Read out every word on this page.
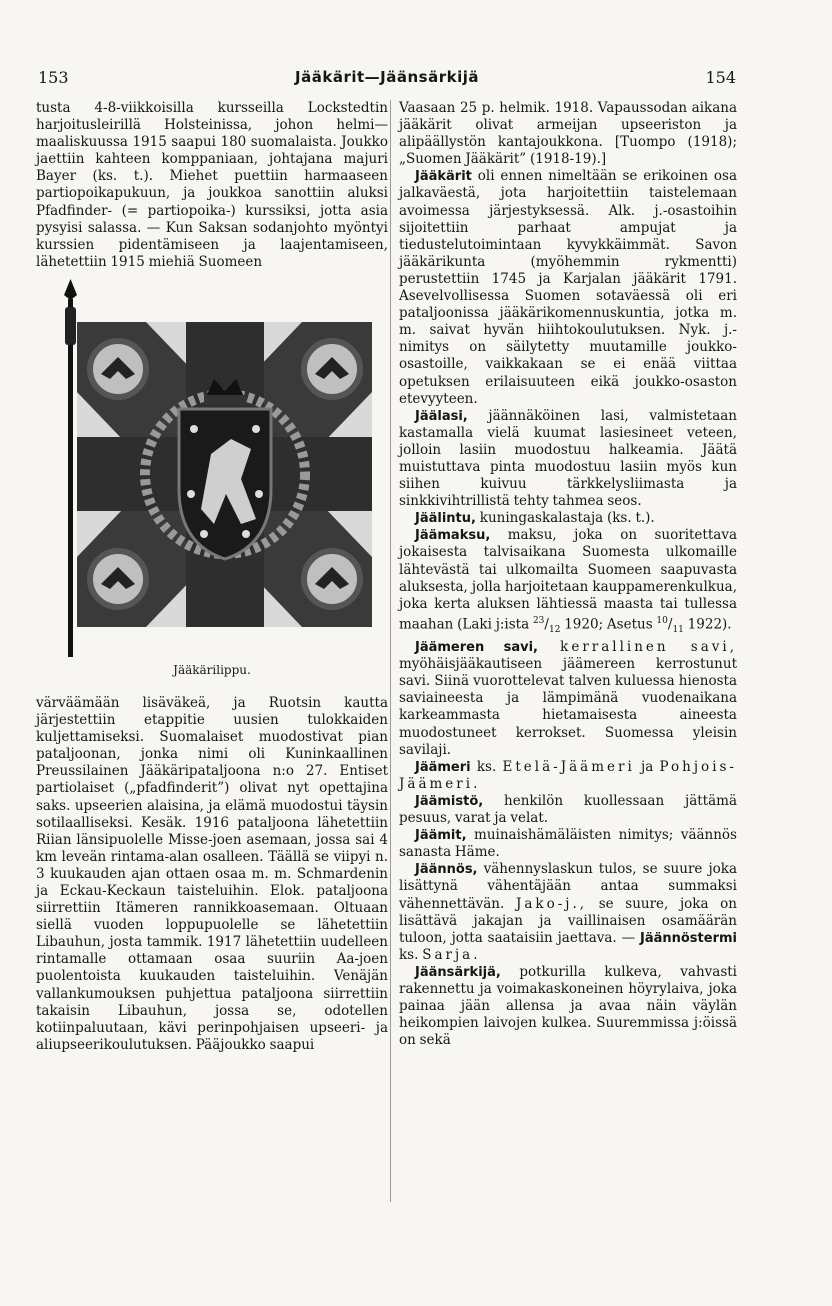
153	Jääkärit—Jäänsärkijä	154

tusta 4-8-viikkoisilla kursseilla Lockstedtin harjoitusleirillä Holsteinissa, johon helmi—maaliskuussa 1915 saapui 180 suomalaista. Joukko jaettiin kahteen komppaniaan, johtajana majuri Bayer (ks. t.). Miehet puettiin harmaaseen partiopoikapukuun, ja joukkoa sanottiin aluksi Pfadfinder- (= partiopoika-) kurssiksi, jotta asia pysyisi salassa. — Kun Saksan sodanjohto myöntyi kurssien pidentämiseen ja laajentamiseen, lähetettiin 1915 miehiä Suomeen

Jääkärilippu.

värväämään lisäväkeä, ja Ruotsin kautta järjestettiin etappitie uusien tulokkaiden kuljettamiseksi. Suomalaiset muodostivat pian pataljoonan, jonka nimi oli Kuninkaallinen Preussilainen Jääkäripataljoona n:o 27. Entiset partiolaiset („pfadfinderit”) olivat nyt opettajina saks. upseerien alaisina, ja elämä muodostui täysin sotilaalliseksi. Kesäk. 1916 pataljoona lähetettiin Riian länsipuolelle Misse-joen asemaan, jossa sai 4 km leveän rintama-alan osalleen. Täällä se viipyi n. 3 kuukauden ajan ottaen osaa m. m. Schmardenin ja Eckau-Keckaun taisteluihin. Elok. pataljoona siirrettiin Itämeren rannikkoasemaan. Oltuaan siellä vuoden loppupuolelle se lähetettiin Libauhun, josta tammik. 1917 lähetettiin uudelleen rintamalle ottamaan osaa suuriin Aa-joen puolentoista kuukauden taisteluihin. Venäjän vallankumouksen puhjettua pataljoona siirrettiin takaisin Libauhun, jossa se, odotellen kotiinpaluutaan, kävi perinpohjaisen upseeri- ja aliupseerikoulutuksen. Pääjoukko saapui

Vaasaan 25 p. helmik. 1918. Vapaussodan aikana jääkärit olivat armeijan upseeriston ja alipäällystön kantajoukkona. [Tuompo (1918); „Suomen Jääkärit” (1918-19).]

Jääkärit oli ennen nimeltään se erikoinen osa jalkaväestä, jota harjoitettiin taistelemaan avoimessa järjestyksessä. Alk. j.-osastoihin sijoitettiin parhaat ampujat ja tiedustelutoimintaan kyvykkäimmät. Savon jääkärikunta (myöhemmin rykmentti) perustettiin 1745 ja Karjalan jääkärit 1791. Asevelvollisessa Suomen sotaväessä oli eri pataljoonissa jääkärikomennuskuntia, jotka m. m. saivat hyvän hiihtokoulutuksen. Nyk. j.-nimitys on säilytetty muutamille joukko-osastoille, vaikkakaan se ei enää viittaa opetuksen erilaisuuteen eikä joukko-osaston etevyyteen.

Jäälasi, jäännäköinen lasi, valmistetaan kastamalla vielä kuumat lasiesineet veteen, jolloin lasiin muodostuu halkeamia. Jäätä muistuttava pinta muodostuu lasiin myös kun siihen kuivuu tärkkelysliimasta ja sinkkivihtrillistä tehty tahmea seos.

Jäälintu, kuningaskalastaja (ks. t.).

Jäämaksu, maksu, joka on suoritettava jokaisesta talvisaikana Suomesta ulkomaille lähtevästä tai ulkomailta Suomeen saapuvasta aluksesta, jolla harjoitetaan kauppamerenkulkua, joka kerta aluksen lähtiessä maasta tai tullessa maahan (Laki j:ista $^{23}/_{12}$ 1920; Asetus $^{10}/_{11}$ 1922).

Jäämeren savi, kerrallinen savi, myöhäisjääkautiseen jäämereen kerrostunut savi. Siinä vuorottelevat talven kuluessa hienosta saviaineesta ja lämpimänä vuodenaikana karkeammasta hietamaisesta aineesta muodostuneet kerrokset. Suomessa yleisin savilaji.

Jäämeri ks. Etelä-Jäämeri ja Pohjois-Jäämeri.

Jäämistö, henkilön kuollessaan jättämä pesuus, varat ja velat.

Jäämit, muinaishämäläisten nimitys; väännös sanasta Häme.

Jäännös, vähennyslaskun tulos, se suure joka lisättynä vähentäjään antaa summaksi vähennettävän. Jako-j., se suure, joka on lisättävä jakajan ja vaillinaisen osamäärän tuloon, jotta saataisiin jaettava. — Jäännöstermi ks. Sarja.

Jäänsärkijä, potkurilla kulkeva, vahvasti rakennettu ja voimakaskoneinen höyrylaiva, joka painaa jään allensa ja avaa näin väylän heikompien laivojen kulkea. Suuremmissa j:öissä on sekä
